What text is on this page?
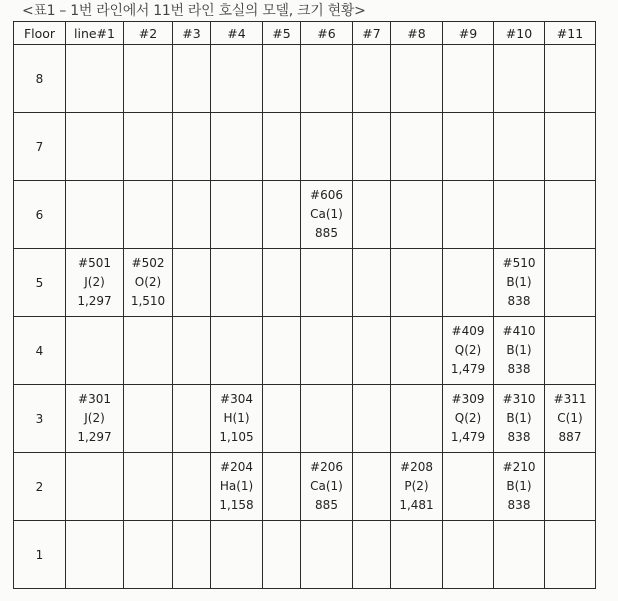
<표1 – 1번 라인에서 11번 라인 호실의 모델, 크기 현황>
Floor	line#1	#2	#3	#4	#5	#6	#7	#8	#9	#10	#11
8											
7											
6						#606
Ca(1)
885					

5	#501
J(2)
1,297	#502
O(2)
1,510								#510
B(1)
838	

4									#409
Q(2)
1,479	#410
B(1)
838	

3	#301
J(2)
1,297			#304
H(1)
1,105					#309
Q(2)
1,479	#310
B(1)
838	#311
C(1)
887

2				#204
Ha(1)
1,158		#206
Ca(1)
885		#208
P(2)
1,481		#210
B(1)
838	

1											
